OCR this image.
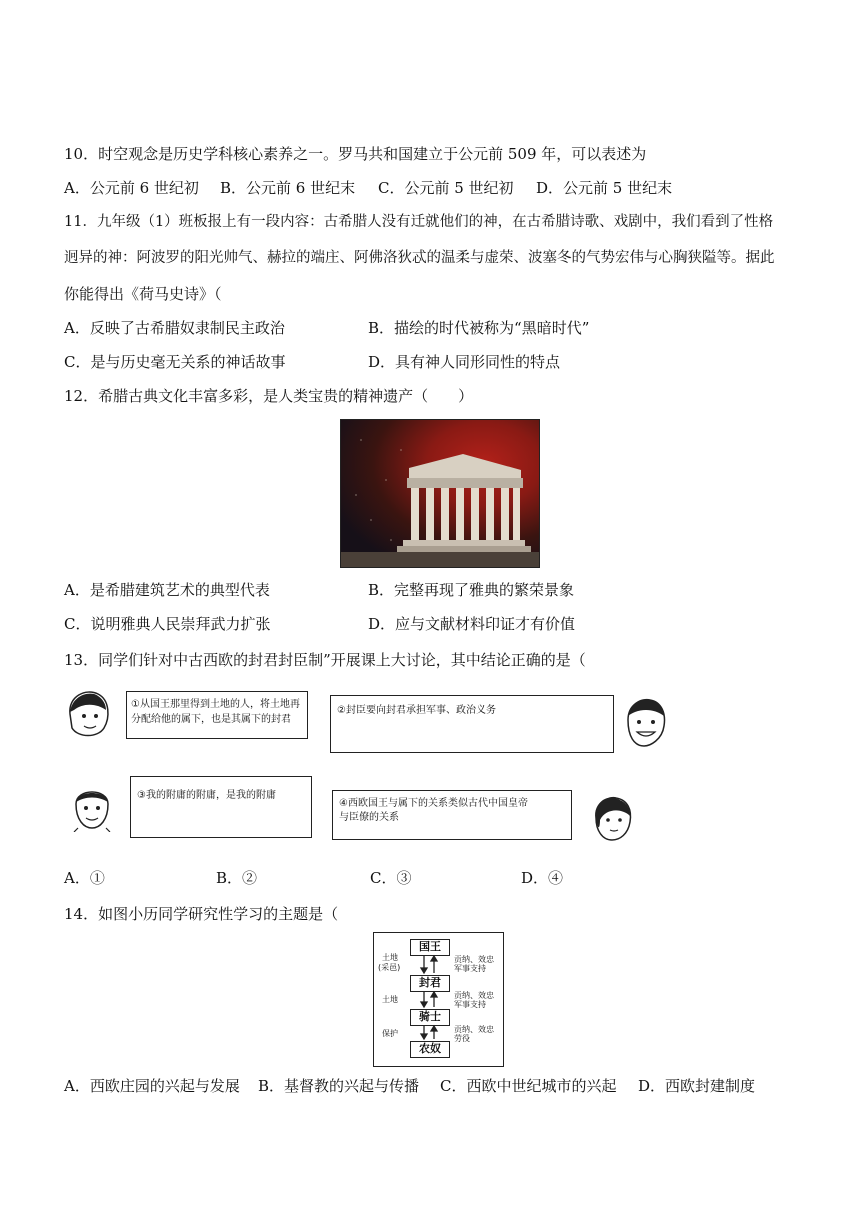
10．时空观念是历史学科核心素养之一。罗马共和国建立于公元前 509 年，可以表述为
A．公元前 6 世纪初 B．公元前 6 世纪末 C．公元前 5 世纪初 D．公元前 5 世纪末
11．九年级（1）班板报上有一段内容：古希腊人没有迁就他们的神，在古希腊诗歌、戏剧中，我们看到了性格
迥异的神：阿波罗的阳光帅气、赫拉的端庄、阿佛洛狄忒的温柔与虚荣、波塞冬的气势宏伟与心胸狭隘等。据此
你能得出《荷马史诗》（
A．反映了古希腊奴隶制民主政治	B．描绘的时代被称为“黑暗时代”
C．是与历史毫无关系的神话故事	D．具有神人同形同性的特点
12．希腊古典文化丰富多彩，是人类宝贵的精神遗产（　　）
A．是希腊建筑艺术的典型代表	B．完整再现了雅典的繁荣景象
C．说明雅典人民崇拜武力扩张	D．应与文献材料印证才有价值
13．同学们针对中古西欧的封君封臣制”开展课上大讨论，其中结论正确的是（
①从国王那里得到土地的人，将土地再
分配给他的属下，也是其属下的封君
②封臣要向封君承担军事、政治义务
③我的附庸的附庸，是我的附庸
④西欧国王与属下的关系类似古代中国皇帝
与臣僚的关系
A．①	B．②	C．③	D．④
14．如图小历同学研究性学习的主题是（
国王
封君
骑士
农奴
土地
(采邑)
土地
保护
贡纳、效忠
军事支持
贡纳、效忠
军事支持
贡纳、效忠
劳役
A．西欧庄园的兴起与发展 B．基督教的兴起与传播 C．西欧中世纪城市的兴起 D．西欧封建制度
